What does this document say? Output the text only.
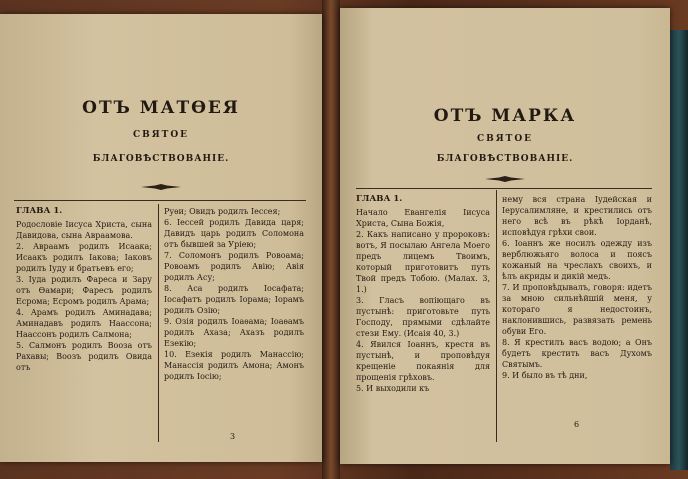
ОТЪ МАТѲЕЯ
СВЯТОЕ
БЛАГОВѢСТВОВАНІЕ.

ГЛАВА 1.

Родословіе Іисуса Христа, сына Давидова, сына Авраамова.

2. Авраамъ родилъ Исаака; Исаакъ родилъ Іакова; Іаковъ родилъ Іуду и братьевъ его;

3. Іуда родилъ Фареса и Зару отъ Ѳамари; Фаресъ родилъ Есрома; Есромъ родилъ Арама;

4. Арамъ родилъ Аминадава; Аминадавъ родилъ Наассона; Наассонъ родилъ Салмона;

5. Салмонъ родилъ Вооза отъ Рахавы; Воозъ родилъ Овида отъ

Руѳи; Овидъ родилъ Іессея;

6. Іессей родилъ Давида царя; Давидъ царь родилъ Соломона отъ бывшей за Уріею;

7. Соломонъ родилъ Ровоама; Ровоамъ родилъ Авію; Авія родилъ Асу;

8. Аса родилъ Іосафата; Іосафатъ родилъ Іорама; Іорамъ родилъ Озію;

9. Озія родилъ Іоаѳама; Іоаѳамъ родилъ Ахаза; Ахазъ родилъ Езекію;

10. Езекія родилъ Манассію; Манассія родилъ Амона; Амонъ родилъ Іосію;

3
ОТЪ МАРКА
СВЯТОЕ
БЛАГОВѢСТВОВАНІЕ.

ГЛАВА 1.

Начало Евангелія Іисуса Христа, Сына Божія,

2. Какъ написано у пророковъ: вотъ, Я посылаю Ангела Моего предъ лицемъ Твоимъ, который приготовитъ путь Твой предъ Тобою. (Малах. 3, 1.)

3. Гласъ вопіющаго въ пустынѣ: приготовьте путь Господу, прямыми сдѣлайте стези Ему. (Исаія 40, 3.)

4. Явился Іоаннъ, крестя въ пустынѣ, и проповѣдуя крещеніе покаянія для прощенія грѣховъ.

5. И выходили къ

нему вся страна Іудейская и Іерусалимляне, и крестились отъ него всѣ въ рѣкѣ Іорданѣ, исповѣдуя грѣхи свои.

6. Іоаннъ же носилъ одежду изъ верблюжьяго волоса и поясъ кожаный на чреслахъ своихъ, и ѣлъ акриды и дикій медъ.

7. И проповѣдывалъ, говоря: идетъ за мною сильнѣйшій меня, у котораго я недостоинъ, наклонившись, развязать ремень обуви Его.

8. Я крестилъ васъ водою; а Онъ будетъ крестить васъ Духомъ Святымъ.

9. И было въ тѣ дни,

6
